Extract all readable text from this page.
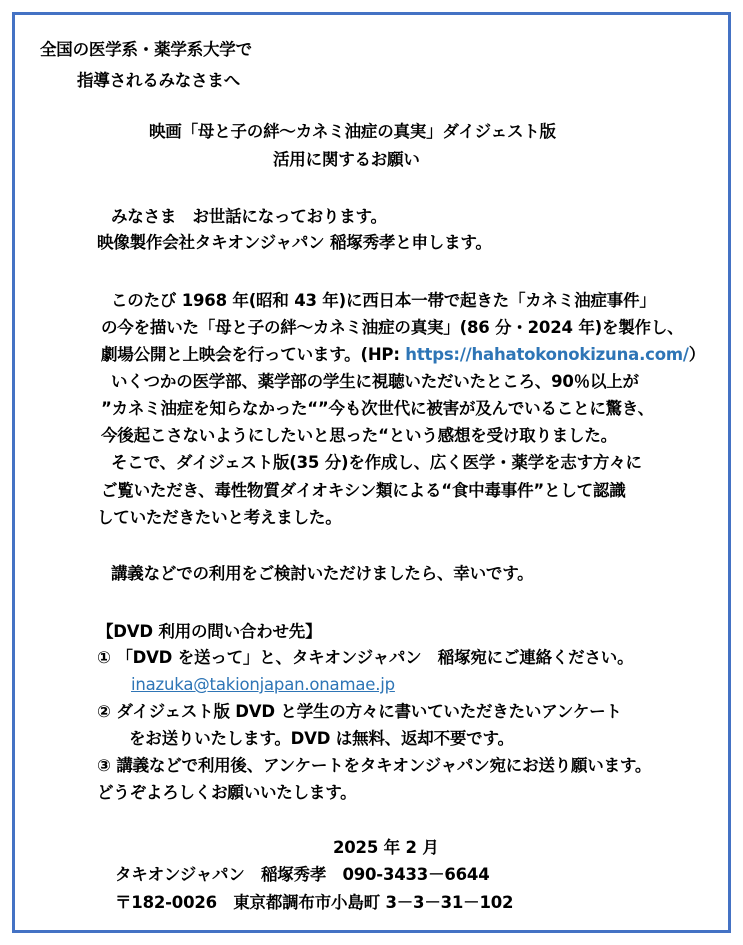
全国の医学系・薬学系大学で
指導されるみなさまへ
映画「母と子の絆～カネミ油症の真実」ダイジェスト版
活用に関するお願い
みなさま　お世話になっております。
映像製作会社タキオンジャパン 稲塚秀孝と申します。
このたび 1968 年(昭和 43 年)に西日本一帯で起きた「カネミ油症事件」
の今を描いた「母と子の絆～カネミ油症の真実」(86 分・2024 年)を製作し、
劇場公開と上映会を行っています。(HP: https://hahatokonokizuna.com/）
いくつかの医学部、薬学部の学生に視聴いただいたところ、90％以上が
”カネミ油症を知らなかった“”今も次世代に被害が及んでいることに驚き、
今後起こさないようにしたいと思った“という感想を受け取りました。
そこで、ダイジェスト版(35 分)を作成し、広く医学・薬学を志す方々に
ご覧いただき、毒性物質ダイオキシン類による“食中毒事件”として認識
していただきたいと考えました。
講義などでの利用をご検討いただけましたら、幸いです。
【DVD 利用の問い合わせ先】
① 「DVD を送って」と、タキオンジャパン　稲塚宛にご連絡ください。
inazuka@takionjapan.onamae.jp
② ダイジェスト版 DVD と学生の方々に書いていただきたいアンケート
をお送りいたします。DVD は無料、返却不要です。
③ 講義などで利用後、アンケートをタキオンジャパン宛にお送り願います。
どうぞよろしくお願いいたします。
2025 年 2 月
タキオンジャパン　稲塚秀孝　090-3433－6644
〒182-0026　東京都調布市小島町 3－3－31－102
